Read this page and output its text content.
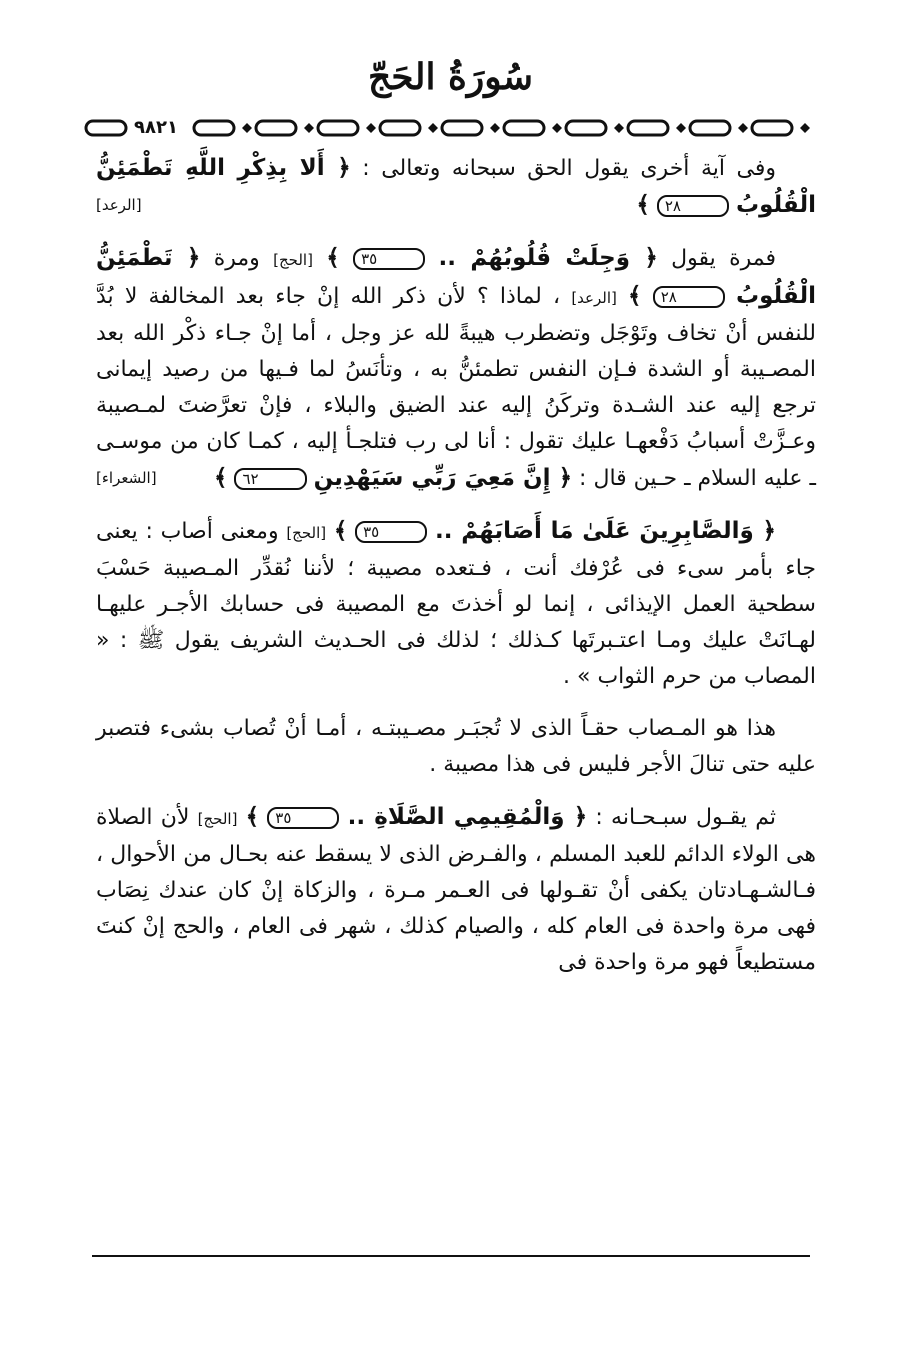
سُورَةُ الحَجّ
٩٨٢١

وفى آية أخرى يقول الحق سبحانه وتعالى : ﴿ أَلا بِذِكْرِ اللَّهِ تَطْمَئِنُّ الْقُلُوبُ ٢٨ ﴾
[الرعد]

فمرة يقول ﴿ وَجِلَتْ قُلُوبُهُمْ .. ٣٥ ﴾ [الحج] ومرة ﴿ تَطْمَئِنُّ الْقُلُوبُ ٢٨ ﴾ [الرعد] ، لماذا ؟ لأن ذكر الله إنْ جاء بعد المخالفة لا بُدَّ للنفس أنْ تخاف وتَوْجَل وتضطرب هيبةً لله عز وجل ، أما إنْ جـاء ذكْر الله بعد المصـيبة أو الشدة فـإن النفس تطمئنُّ به ، وتأنَسُ لما فـيها من رصيد إيمانى ترجع إليه عند الشـدة وتركَنُ إليه عند الضيق والبلاء ، فإنْ تعرَّضتَ لمـصيبة وعـزَّتْ أسبابُ دَفْعهـا عليك تقول : أنا لى رب فتلجـأ إليه ، كمـا كان من موسـى ـ عليه السلام ـ حـين قال : ﴿ إِنَّ مَعِيَ رَبِّي سَيَهْدِينِ ٦٢ ﴾
[الشعراء]

﴿ وَالصَّابِرِينَ عَلَىٰ مَا أَصَابَهُمْ .. ٣٥ ﴾ [الحج] ومعنى أصاب : يعنى جاء بأمر سىء فى عُرْفك أنت ، فـتعده مصيبة ؛ لأننا نُقدِّر المـصيبة حَسْبَ سطحية العمل الإيذائى ، إنما لو أخذتَ مع المصيبة فى حسابك الأجـر عليهـا لهـانَتْ عليك ومـا اعتـبرتَها كـذلك ؛ لذلك فى الحـديث الشريف يقول ﷺ : « المصاب من حرم الثواب » .

هذا هو المـصاب حقـاً الذى لا تُجبَـر مصـيبتـه ، أمـا أنْ تُصاب بشىء فتصبر عليه حتى تنالَ الأجر فليس فى هذا مصيبة .

ثم يقـول سبـحـانه : ﴿ وَالْمُقِيمِي الصَّلَاةِ .. ٣٥ ﴾ [الحج] لأن الصلاة هى الولاء الدائم للعبد المسلم ، والفـرض الذى لا يسقط عنه بحـال من الأحوال ، فـالشـهـادتان يكفى أنْ تقـولها فى العـمر مـرة ، والزكاة إنْ كان عندك نِصَاب فهى مرة واحدة فى العام كله ، والصيام كذلك ، شهر فى العام ، والحج إنْ كنتَ مستطيعاً فهو مرة واحدة فى
